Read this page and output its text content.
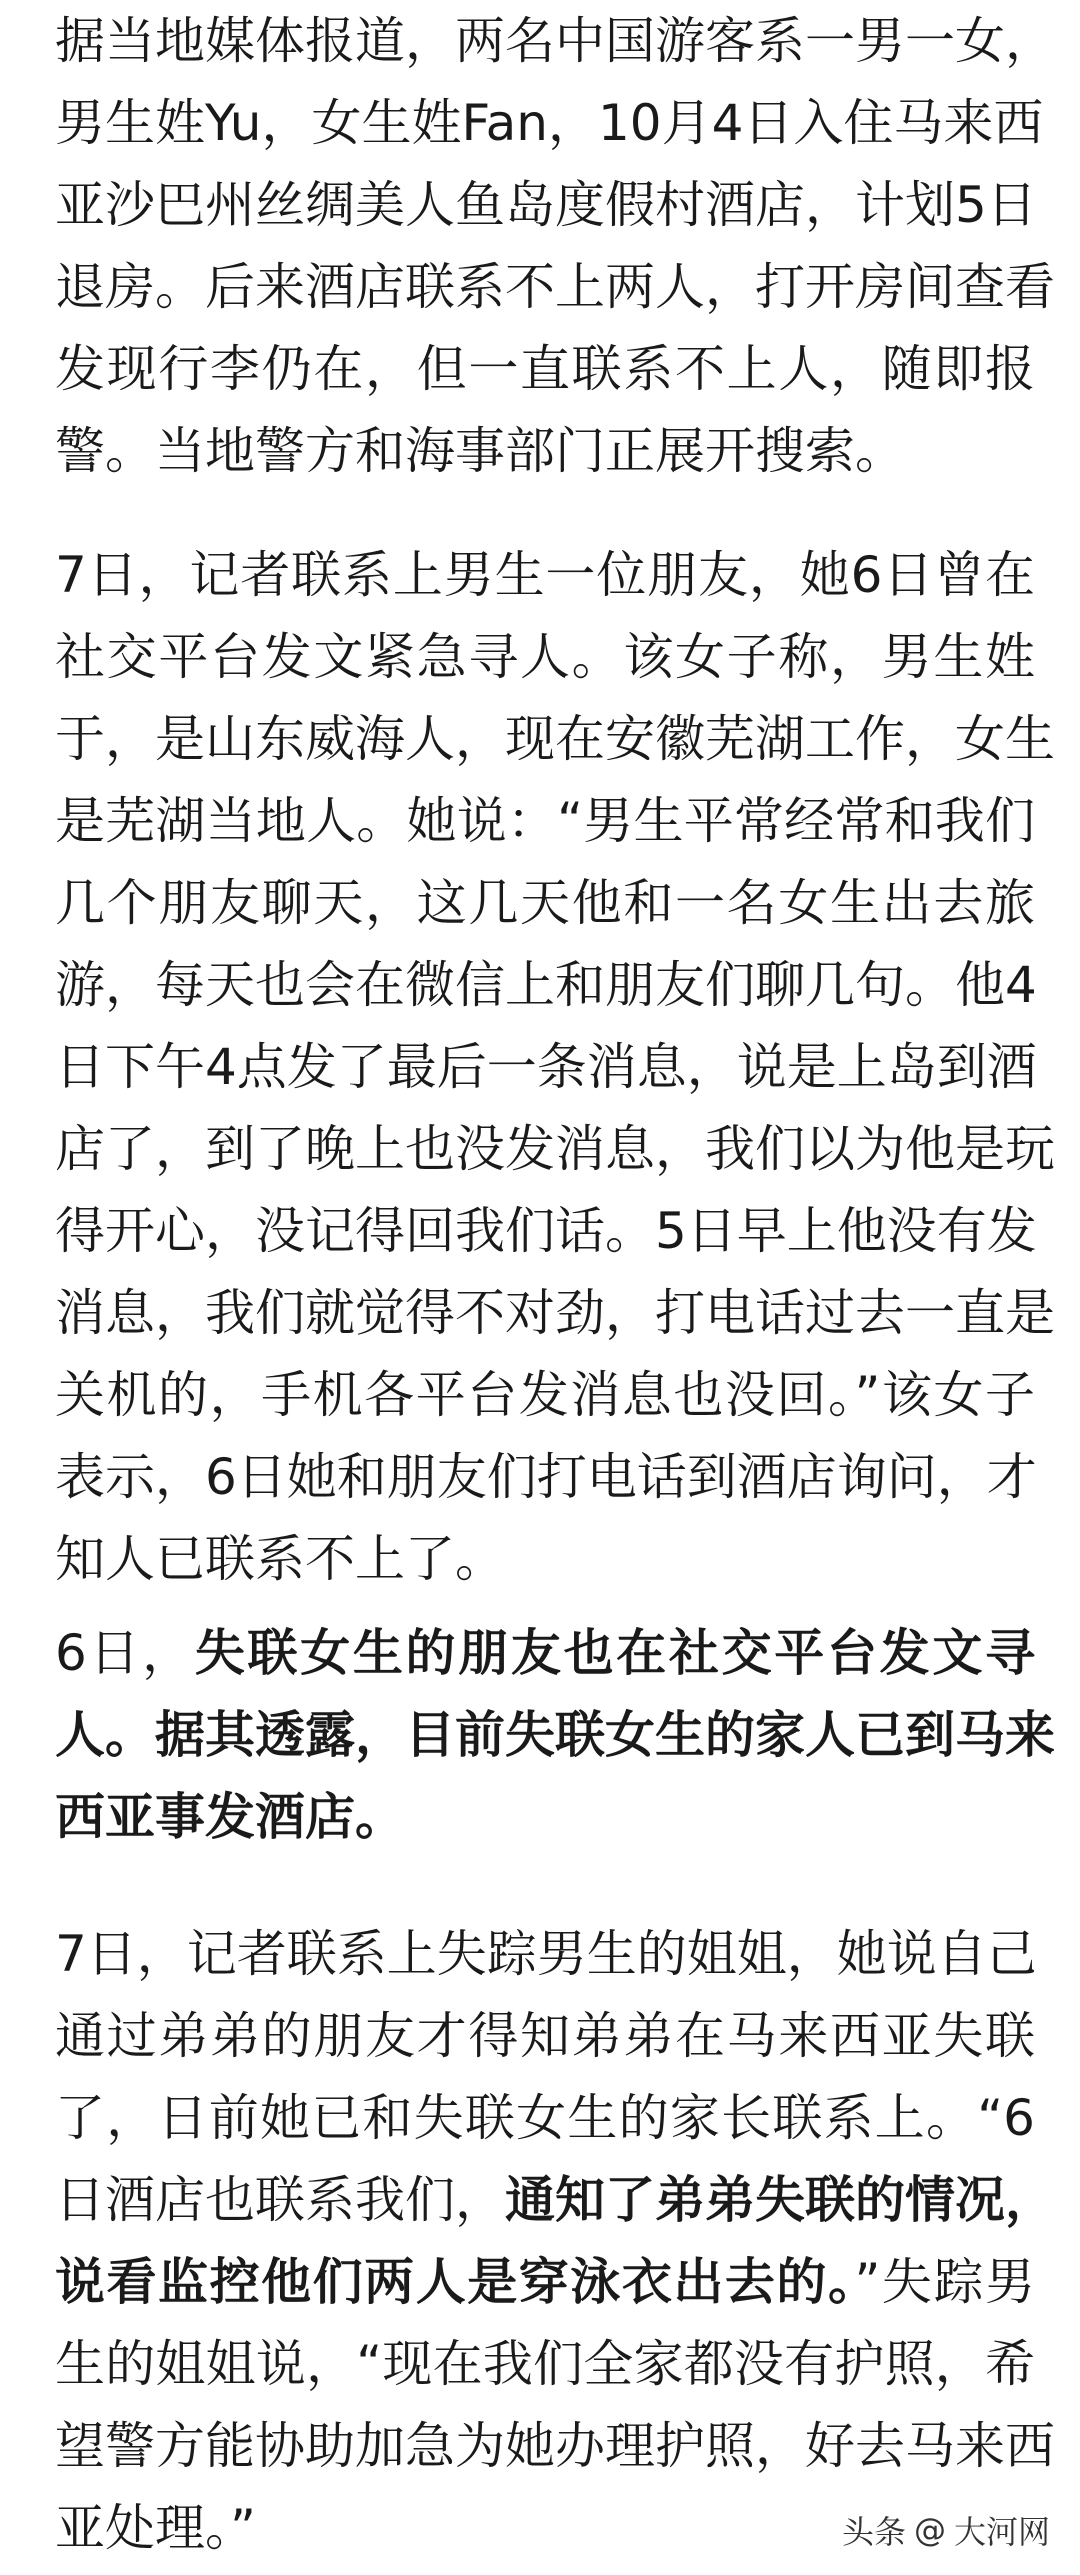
据当地媒体报道，两名中国游客系一男一女，
男生姓Yu，女生姓Fan，10月4日入住马来西
亚沙巴州丝绸美人鱼岛度假村酒店，计划5日
退房。后来酒店联系不上两人，打开房间查看
发现行李仍在，但一直联系不上人，随即报
警。当地警方和海事部门正展开搜索。
7日，记者联系上男生一位朋友，她6日曾在
社交平台发文紧急寻人。该女子称，男生姓
于，是山东威海人，现在安徽芜湖工作，女生
是芜湖当地人。她说：“男生平常经常和我们
几个朋友聊天，这几天他和一名女生出去旅
游，每天也会在微信上和朋友们聊几句。他4
日下午4点发了最后一条消息，说是上岛到酒
店了，到了晚上也没发消息，我们以为他是玩
得开心，没记得回我们话。5日早上他没有发
消息，我们就觉得不对劲，打电话过去一直是
关机的，手机各平台发消息也没回。”该女子
表示，6日她和朋友们打电话到酒店询问，才
知人已联系不上了。
6日，失联女生的朋友也在社交平台发文寻
人。据其透露，目前失联女生的家人已到马来
西亚事发酒店。
7日，记者联系上失踪男生的姐姐，她说自己
通过弟弟的朋友才得知弟弟在马来西亚失联
了，日前她已和失联女生的家长联系上。“6
日酒店也联系我们，通知了弟弟失联的情况，
说看监控他们两人是穿泳衣出去的。”失踪男
生的姐姐说，“现在我们全家都没有护照，希
望警方能协助加急为她办理护照，好去马来西
亚处理。”	头条 @ 大河网
